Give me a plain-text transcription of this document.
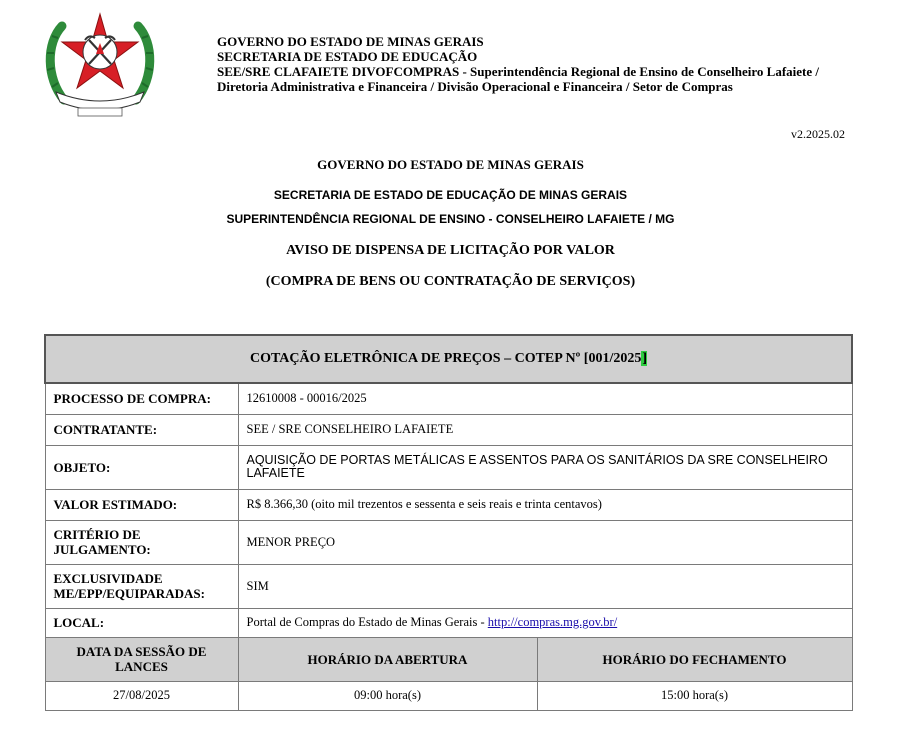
GOVERNO DO ESTADO DE MINAS GERAIS
SECRETARIA DE ESTADO DE EDUCAÇÃO
SEE/SRE CLAFAIETE DIVOFCOMPRAS - Superintendência Regional de Ensino de Conselheiro Lafaiete /
Diretoria Administrativa e Financeira / Divisão Operacional e Financeira / Setor de Compras
v2.2025.02
GOVERNO DO ESTADO DE MINAS GERAIS
SECRETARIA DE ESTADO DE EDUCAÇÃO DE MINAS GERAIS
SUPERINTENDÊNCIA REGIONAL DE ENSINO - CONSELHEIRO LAFAIETE / MG
AVISO DE DISPENSA DE LICITAÇÃO POR VALOR
(COMPRA DE BENS OU CONTRATAÇÃO DE SERVIÇOS)
COTAÇÃO ELETRÔNICA DE PREÇOS – COTEP Nº [001/2025]		
PROCESSO DE COMPRA:	12610008 - 00016/2025	
CONTRATANTE:	SEE / SRE CONSELHEIRO LAFAIETE	
OBJETO:	AQUISIÇÃO DE PORTAS METÁLICAS E ASSENTOS PARA OS SANITÁRIOS DA SRE CONSELHEIRO LAFAIETE	
VALOR ESTIMADO:	R$ 8.366,30 (oito mil trezentos e sessenta e seis reais e trinta centavos)	
CRITÉRIO DE JULGAMENTO:	MENOR PREÇO	
EXCLUSIVIDADE ME/EPP/EQUIPARADAS:	SIM	
LOCAL:	Portal de Compras do Estado de Minas Gerais - http://compras.mg.gov.br/	
DATA DA SESSÃO DE LANCES	HORÁRIO DA ABERTURA	HORÁRIO DO FECHAMENTO
27/08/2025	09:00 hora(s)	15:00 hora(s)
